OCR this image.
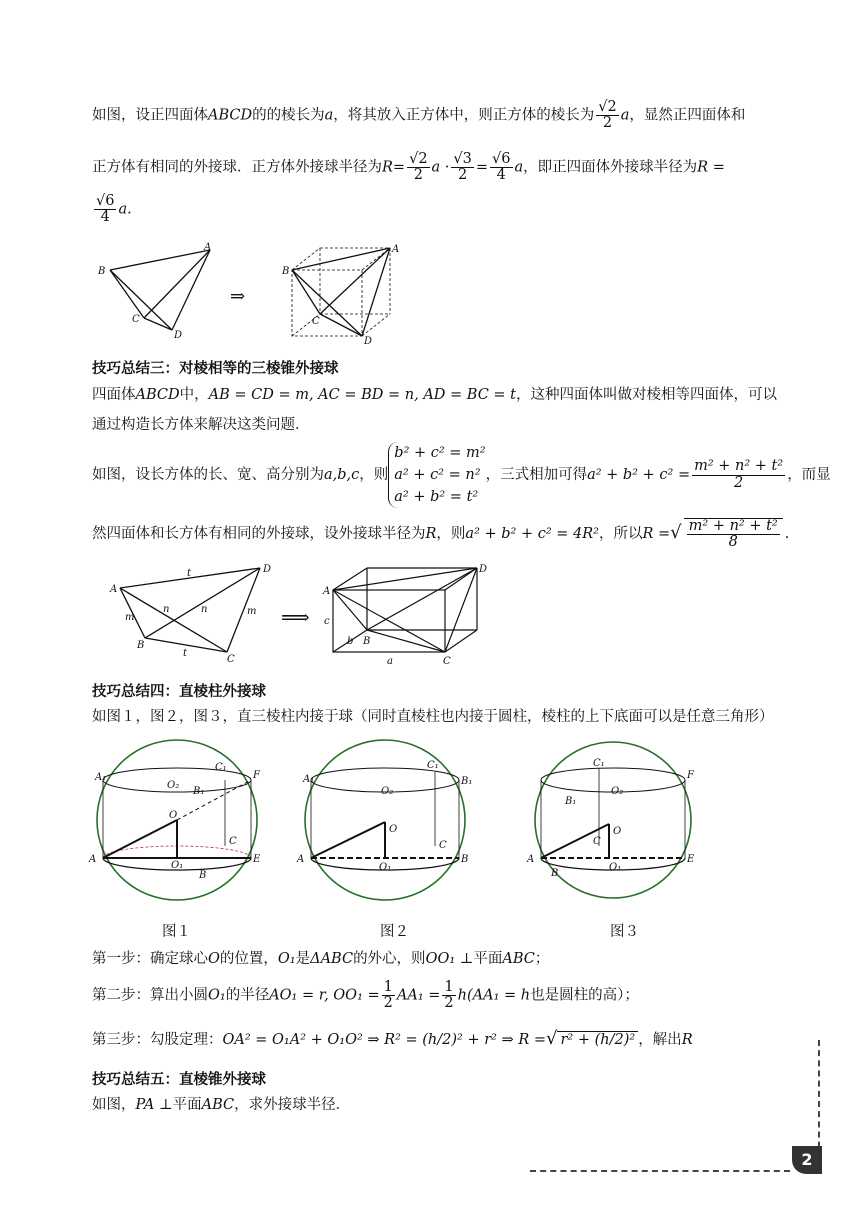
如图，设正四面体ABCD的的棱长为a，将其放入正方体中，则正方体的棱长为 $\frac{√2}{2}$ a，显然正四面体和
正方体有相同的外接球．正方体外接球半径为$R= \frac{√2}{2}$ $a \cdot \frac{√3}{2} = \frac{√6}{4}$ a，即正四面体外接球半径为R =
$\frac{√6}{4} a$.
A
B
C
D
⇒
A
B
C
D
技巧总结三：对棱相等的三棱锥外接球
四面体ABCD中，AB = CD = m, AC = BD = n, AD = BC = t，这种四面体叫做对棱相等四面体，可以
通过构造长方体来解决这类问题．
如图，设长方体的长、宽、高分别为a,b,c，则
b² + c² = m²
a² + c² = n²
a² + b² = t²
，三式相加可得$a^2 + b^2 + c^2 = \frac{\text{m² + n² + t²}}{2}$ ，而显
然四面体和长方体有相同的外接球，设外接球半径为R，则a² + b² + c² = 4R²，所以R =√ $\frac{\text{m² + n² + t²}}{8}$ .
A
B
C
D
m
m
n	n
t
t
⟹
A
B
C
D
a
b
c
技巧总结四：直棱柱外接球
如图１，图２，图３，直三棱柱内接于球（同时直棱柱也内接于圆柱，棱柱的上下底面可以是任意三角形）
A₁
A
F
E
O
O₁
O₂
C
C₁
B₁
B
A₁
A
B₁
B
O
O₁
O₂
C
C₁
B₁
A
F
E
O
O₁
O₂
C
C₁
B
图１	图２	图３
第一步：确定球心O的位置，O₁是ΔABC的外心，则OO₁ ⊥平面ABC；
第二步：算出小圆O₁的半径AO₁ = r, $OO_1 = \frac{1}{2} AA_1 = \frac{1}{2} h(AA_1 = h$也是圆柱的高）；
第三步：勾股定理：OA² = O₁A² + O₁O² ⇒ R² = (h/2)² + r² ⇒ R =√ r² + (h/2)² ，解出R
技巧总结五：直棱锥外接球
如图，PA ⊥平面ABC，求外接球半径．
2
